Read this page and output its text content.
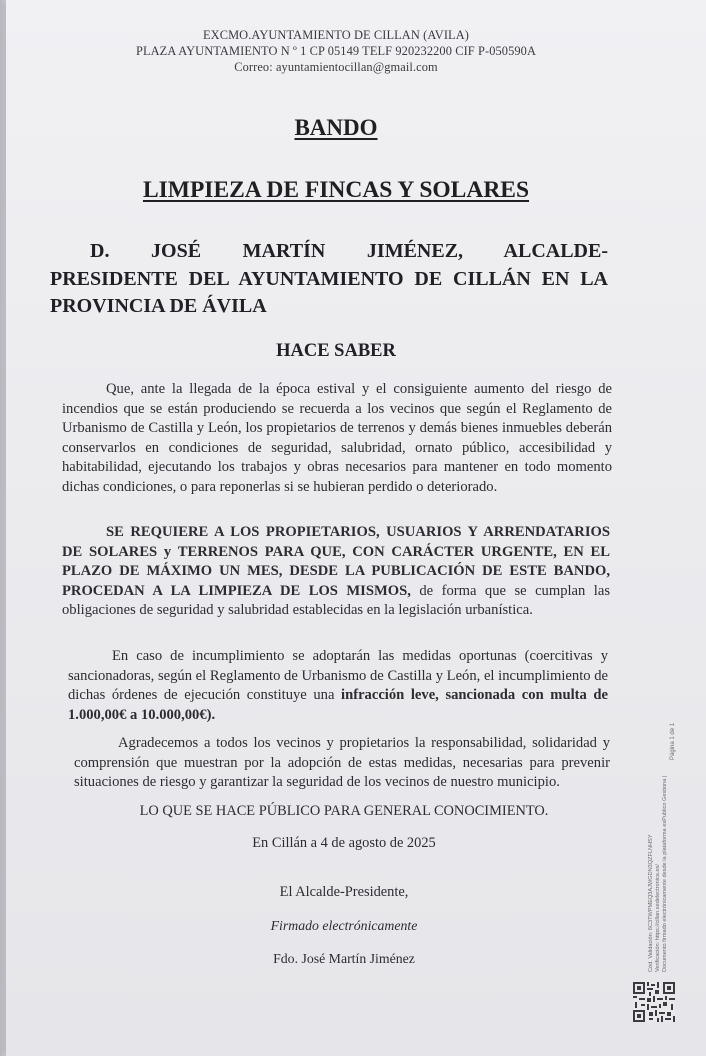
EXCMO.AYUNTAMIENTO DE CILLAN (AVILA)
PLAZA AYUNTAMIENTO N º 1 CP 05149 TELF 920232200 CIF P-050590A
Correo: ayuntamientocillan@gmail.com
BANDO
LIMPIEZA DE FINCAS Y SOLARES
D. JOSÉ MARTÍN JIMÉNEZ, ALCALDE-
PRESIDENTE DEL AYUNTAMIENTO DE CILLÁN EN LA PROVINCIA DE ÁVILA
HACE SABER
Que, ante la llegada de la época estival y el consiguiente aumento del riesgo de incendios que se están produciendo se recuerda a los vecinos que según el Reglamento de Urbanismo de Castilla y León, los propietarios de terrenos y demás bienes inmuebles deberán conservarlos en condiciones de seguridad, salubridad, ornato público, accesibilidad y habitabilidad, ejecutando los trabajos y obras necesarios para mantener en todo momento dichas condiciones, o para reponerlas si se hubieran perdido o deteriorado.
SE REQUIERE A LOS PROPIETARIOS, USUARIOS Y ARRENDATARIOS DE SOLARES y TERRENOS PARA QUE, CON CARÁCTER URGENTE, EN EL PLAZO DE MÁXIMO UN MES, DESDE LA PUBLICACIÓN DE ESTE BANDO, PROCEDAN A LA LIMPIEZA DE LOS MISMOS, de forma que se cumplan las obligaciones de seguridad y salubridad establecidas en la legislación urbanística.
En caso de incumplimiento se adoptarán las medidas oportunas (coercitivas y sancionadoras, según el Reglamento de Urbanismo de Castilla y León, el incumplimiento de dichas órdenes de ejecución constituye una infracción leve, sancionada con multa de 1.000,00€ a 10.000,00€).
Agradecemos a todos los vecinos y propietarios la responsabilidad, solidaridad y comprensión que muestran por la adopción de estas medidas, necesarias para prevenir situaciones de riesgo y garantizar la seguridad de los vecinos de nuestro municipio.
LO QUE SE HACE PÚBLICO PARA GENERAL CONOCIMIENTO.
En Cillán a 4 de agosto de 2025
El Alcalde-Presidente,
Firmado electrónicamente
Fdo. José Martín Jiménez	Cód. Validación: 6C3TWPMEQ3AJWGDN3QZFLNHSY Verificación: https://cillan.sedelectronica.es/ Documento firmado electrónicamente desde la plataforma esPublico Gestiona |
Página 1 de 1
